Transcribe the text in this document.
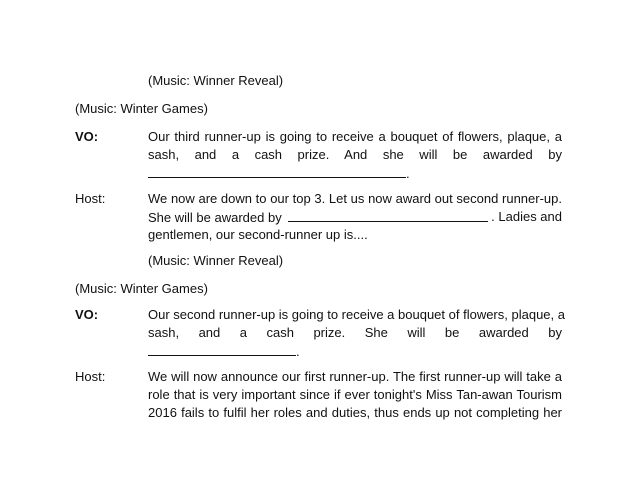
(Music: Winner Reveal)
(Music: Winter Games)
VO:	Our third runner-up is going to receive a bouquet of flowers, plaque, a
sash, and a cash prize. And she will be awarded by
.
Host:	We now are down to our top 3. Let us now award out second runner-up.
She will be awarded by	. Ladies and
gentlemen, our second-runner up is....
(Music: Winner Reveal)
(Music: Winter Games)
VO:	Our second runner-up is going to receive a bouquet of flowers, plaque, a
sash, and a cash prize. She will be awarded by
.
Host:	We will now announce our first runner-up. The first runner-up will take a
role that is very important since if ever tonight's Miss Tan-awan Tourism
2016 fails to fulfil her roles and duties, thus ends up not completing her
